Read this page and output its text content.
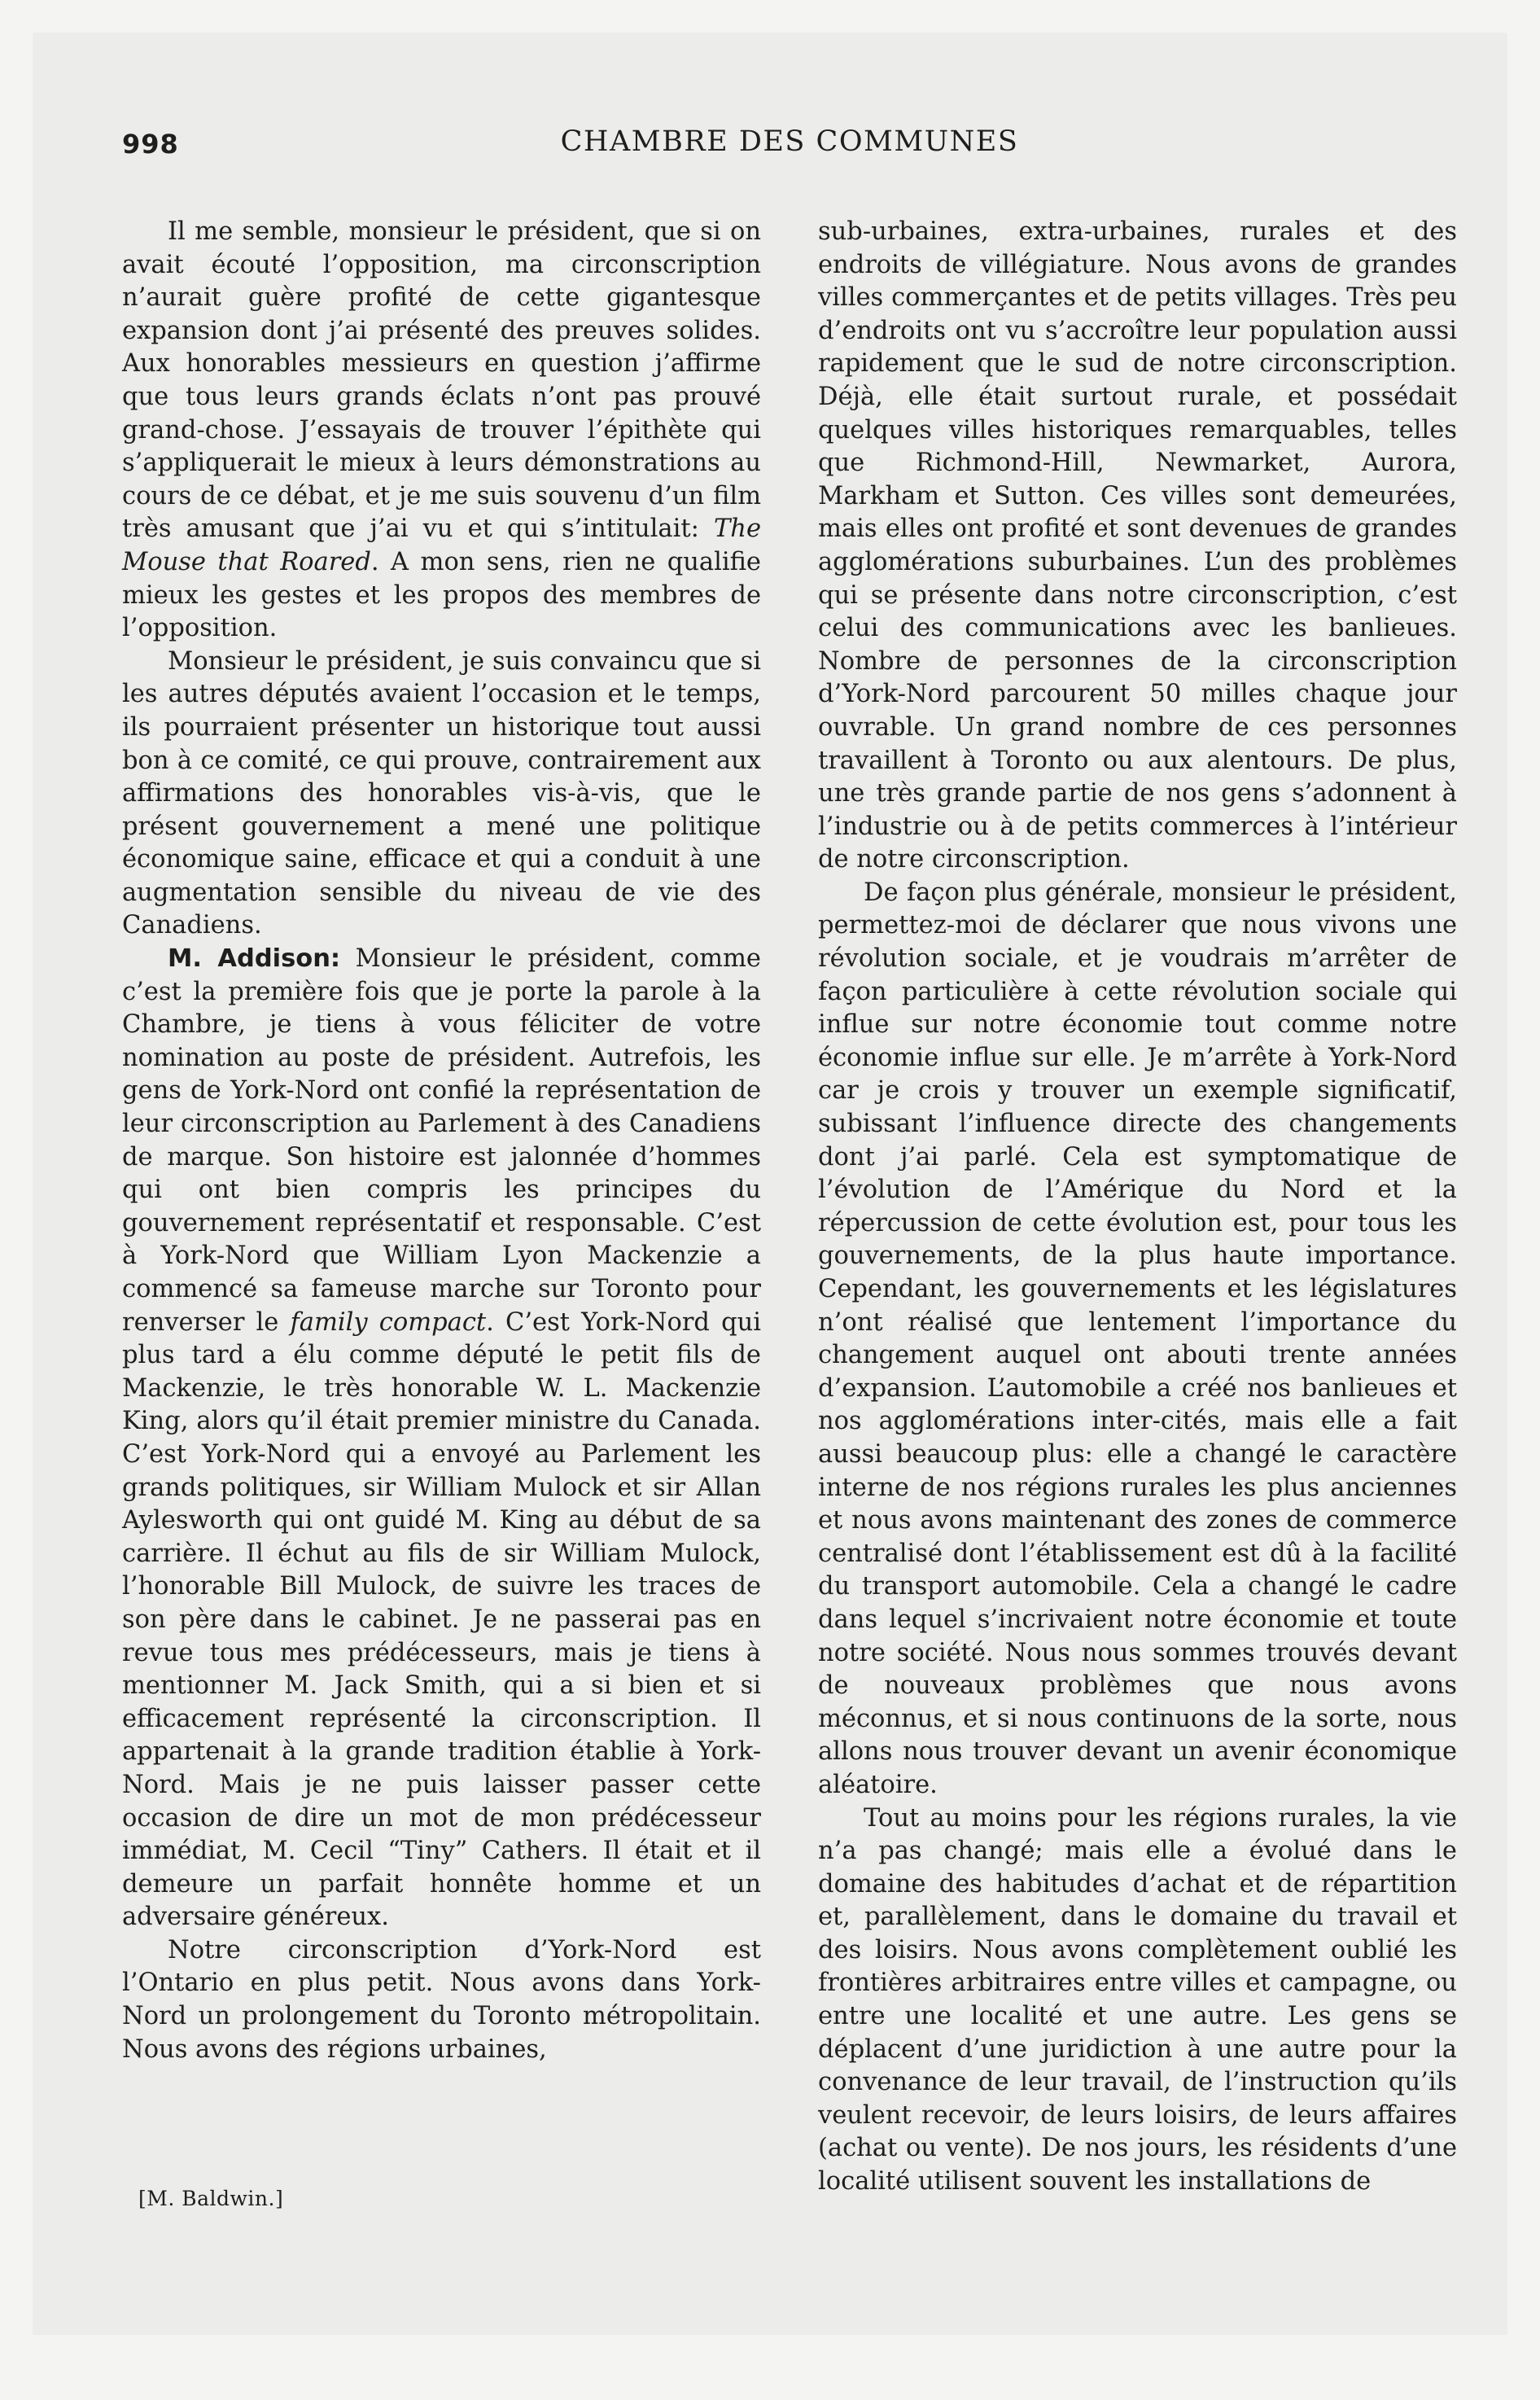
998	CHAMBRE DES COMMUNES

Il me semble, monsieur le président, que si on avait écouté l’opposition, ma circonscription n’aurait guère profité de cette gigantesque expansion dont j’ai présenté des preuves solides. Aux honorables messieurs en question j’affirme que tous leurs grands éclats n’ont pas prouvé grand-chose. J’essayais de trouver l’épithète qui s’appliquerait le mieux à leurs démonstrations au cours de ce débat, et je me suis souvenu d’un film très amusant que j’ai vu et qui s’intitulait: The Mouse that Roared. A mon sens, rien ne qualifie mieux les gestes et les propos des membres de l’opposition.

Monsieur le président, je suis convaincu que si les autres députés avaient l’occasion et le temps, ils pourraient présenter un historique tout aussi bon à ce comité, ce qui prouve, contrairement aux affirmations des honorables vis-à-vis, que le présent gouvernement a mené une politique économique saine, efficace et qui a conduit à une augmentation sensible du niveau de vie des Canadiens.

M. Addison: Monsieur le président, comme c’est la première fois que je porte la parole à la Chambre, je tiens à vous féliciter de votre nomination au poste de président. Autrefois, les gens de York-Nord ont confié la représentation de leur circonscription au Parlement à des Canadiens de marque. Son histoire est jalonnée d’hommes qui ont bien compris les principes du gouvernement représentatif et responsable. C’est à York-Nord que William Lyon Mackenzie a commencé sa fameuse marche sur Toronto pour renverser le family compact. C’est York-Nord qui plus tard a élu comme député le petit fils de Mackenzie, le très honorable W. L. Mackenzie King, alors qu’il était premier ministre du Canada. C’est York-Nord qui a envoyé au Parlement les grands politiques, sir William Mulock et sir Allan Aylesworth qui ont guidé M. King au début de sa carrière. Il échut au fils de sir William Mulock, l’honorable Bill Mulock, de suivre les traces de son père dans le cabinet. Je ne passerai pas en revue tous mes prédécesseurs, mais je tiens à mentionner M. Jack Smith, qui a si bien et si efficacement représenté la circonscription. Il appartenait à la grande tradition établie à York-Nord. Mais je ne puis laisser passer cette occasion de dire un mot de mon prédécesseur immédiat, M. Cecil “Tiny” Cathers. Il était et il demeure un parfait honnête homme et un adversaire généreux.

Notre circonscription d’York-Nord est l’Ontario en plus petit. Nous avons dans York-Nord un prolongement du Toronto métropolitain. Nous avons des régions urbaines,

sub-urbaines, extra-urbaines, rurales et des endroits de villégiature. Nous avons de grandes villes commerçantes et de petits villages. Très peu d’endroits ont vu s’accroître leur population aussi rapidement que le sud de notre circonscription. Déjà, elle était surtout rurale, et possédait quelques villes historiques remarquables, telles que Richmond-Hill, Newmarket, Aurora, Markham et Sutton. Ces villes sont demeurées, mais elles ont profité et sont devenues de grandes agglomérations suburbaines. L’un des problèmes qui se présente dans notre circonscription, c’est celui des communications avec les banlieues. Nombre de personnes de la circonscription d’York-Nord parcourent 50 milles chaque jour ouvrable. Un grand nombre de ces personnes travaillent à Toronto ou aux alentours. De plus, une très grande partie de nos gens s’adonnent à l’industrie ou à de petits commerces à l’intérieur de notre circonscription.

De façon plus générale, monsieur le président, permettez-moi de déclarer que nous vivons une révolution sociale, et je voudrais m’arrêter de façon particulière à cette révolution sociale qui influe sur notre économie tout comme notre économie influe sur elle. Je m’arrête à York-Nord car je crois y trouver un exemple significatif, subissant l’influence directe des changements dont j’ai parlé. Cela est symptomatique de l’évolution de l’Amérique du Nord et la répercussion de cette évolution est, pour tous les gouvernements, de la plus haute importance. Cependant, les gouvernements et les législatures n’ont réalisé que lentement l’importance du changement auquel ont abouti trente années d’expansion. L’automobile a créé nos banlieues et nos agglomérations inter-cités, mais elle a fait aussi beaucoup plus: elle a changé le caractère interne de nos régions rurales les plus anciennes et nous avons maintenant des zones de commerce centralisé dont l’établissement est dû à la facilité du transport automobile. Cela a changé le cadre dans lequel s’incrivaient notre économie et toute notre société. Nous nous sommes trouvés devant de nouveaux problèmes que nous avons méconnus, et si nous continuons de la sorte, nous allons nous trouver devant un avenir économique aléatoire.

Tout au moins pour les régions rurales, la vie n’a pas changé; mais elle a évolué dans le domaine des habitudes d’achat et de répartition et, parallèlement, dans le domaine du travail et des loisirs. Nous avons complètement oublié les frontières arbitraires entre villes et campagne, ou entre une localité et une autre. Les gens se déplacent d’une juridiction à une autre pour la convenance de leur travail, de l’instruction qu’ils veulent recevoir, de leurs loisirs, de leurs affaires (achat ou vente). De nos jours, les résidents d’une localité utilisent souvent les installations de

[M. Baldwin.]
